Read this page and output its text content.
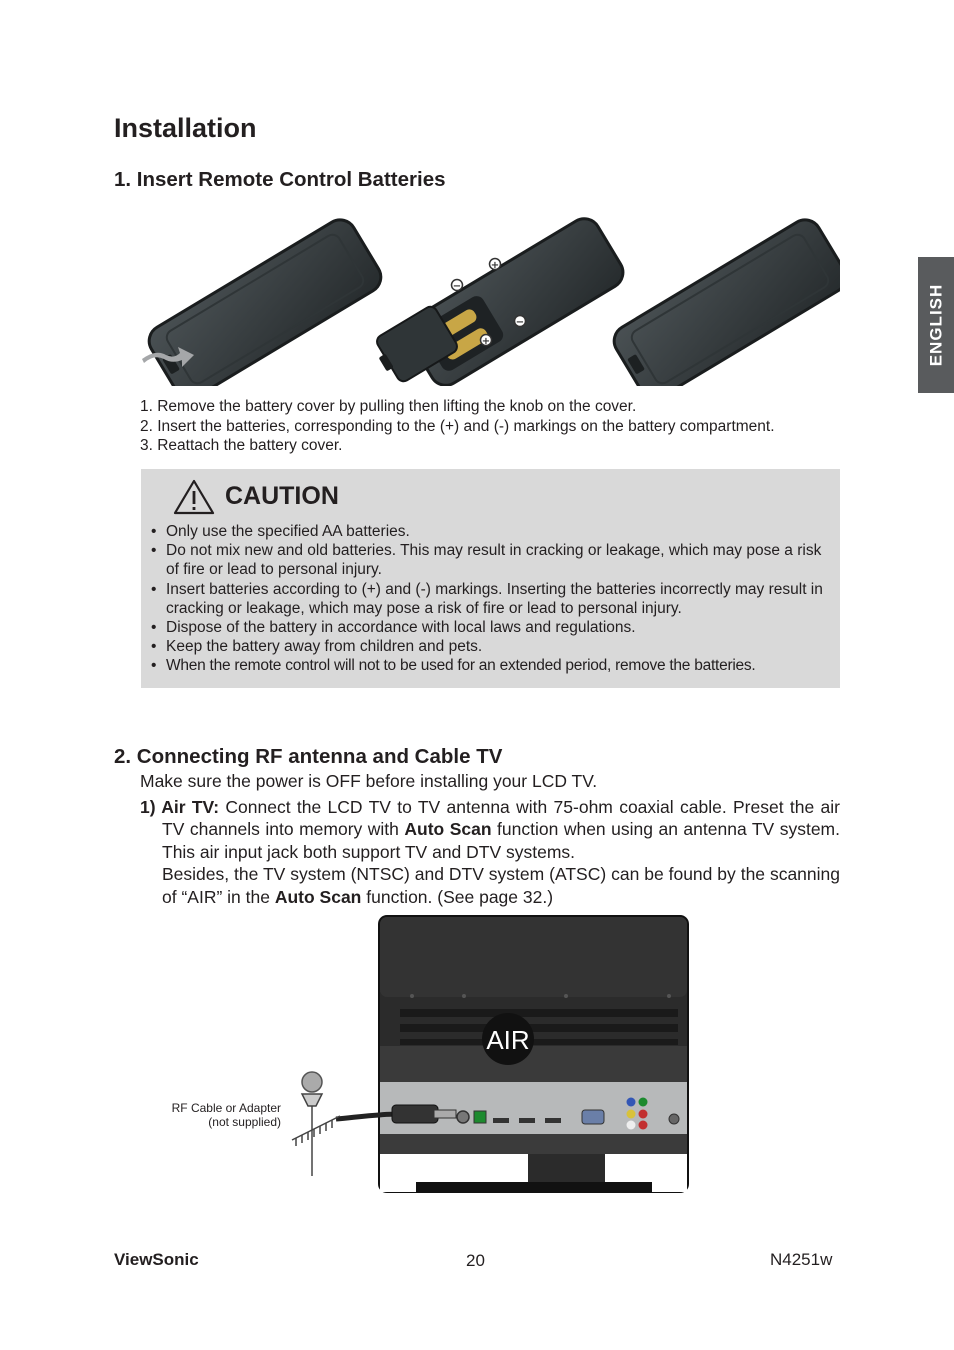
ENGLISH
Installation
1. Insert Remote Control Batteries
+
−
−
+
1. Remove the battery cover by pulling then lifting the knob on the cover.
2. Insert the batteries, corresponding to the (+) and (-) markings on the battery compartment.
3. Reattach the battery cover.
CAUTION
• Only use the specified AA batteries.
• Do not mix new and old batteries. This may result in cracking or leakage, which may pose a risk of fire or lead to personal injury.
• Insert batteries according to (+) and (-) markings. Inserting the batteries incorrectly may result in cracking or leakage, which may pose a risk of fire or lead to personal injury.
• Dispose of the battery in accordance with local laws and regulations.
• Keep the battery away from children and pets.
• When the remote control will not to be used for an extended period, remove the batteries.
2. Connecting RF antenna and Cable TV
Make sure the power is OFF before installing your LCD TV.

1) Air TV: Connect the LCD TV to TV antenna with 75-ohm coaxial cable. Preset the air TV channels into memory with Auto Scan function when using an antenna TV system. This air input jack both support TV and DTV systems.

Besides, the TV system (NTSC) and DTV system (ATSC) can be found by the scanning of “AIR” in the Auto Scan function. (See page 32.)

AIR
RF Cable or Adapter
(not supplied)
ViewSonic	20	N4251w
